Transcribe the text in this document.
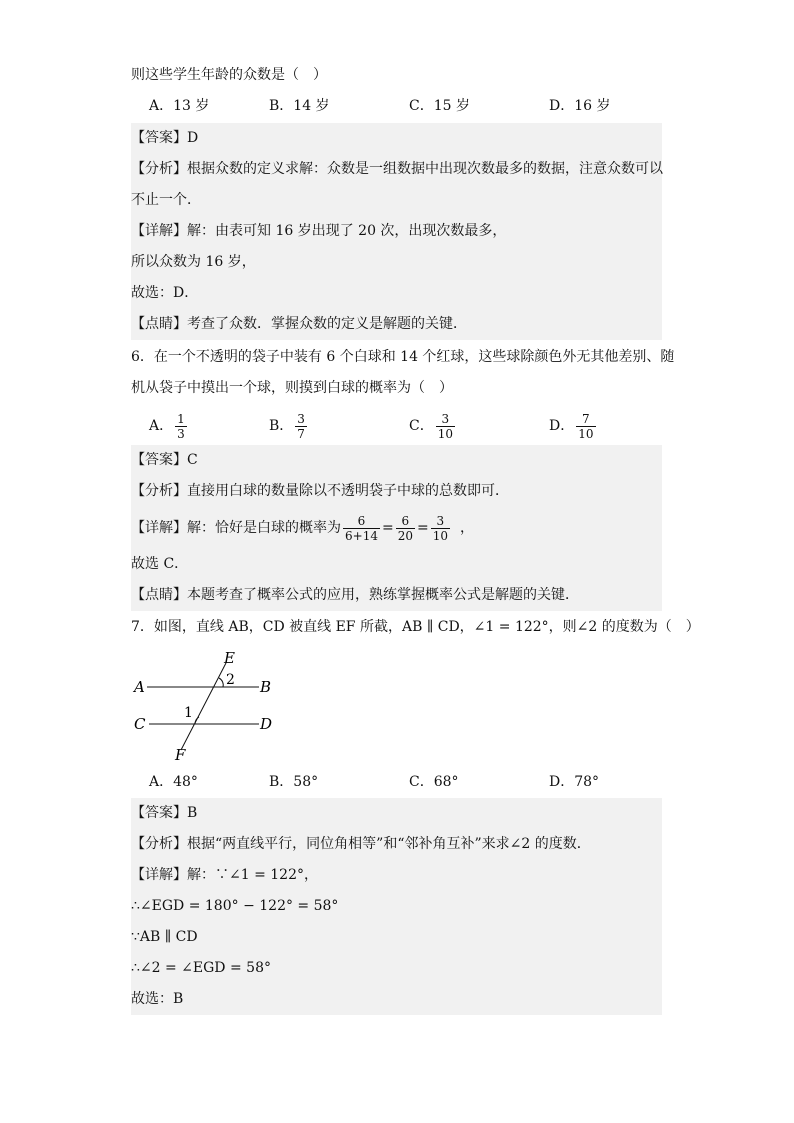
则这些学生年龄的众数是（　）
A．13 岁	B．14 岁	C．15 岁	D．16 岁
【答案】D
【分析】根据众数的定义求解：众数是一组数据中出现次数最多的数据，注意众数可以
不止一个．
【详解】解：由表可知 16 岁出现了 20 次，出现次数最多，
所以众数为 16 岁，
故选：D．
【点睛】考查了众数．掌握众数的定义是解题的关键．
6．在一个不透明的袋子中装有 6 个白球和 14 个红球，这些球除颜色外无其他差别、随
机从袋子中摸出一个球，则摸到白球的概率为（　）
A． $\frac{1}{3}$	B． $\frac{3}{7}$	C． $\frac{3}{10}$	D． $\frac{7}{10}$
【答案】C
【分析】直接用白球的数量除以不透明袋子中球的总数即可．
【详解】解：恰好是白球的概率为 $\frac{6}{6+14} = \frac{6}{20} = \frac{3}{10}$ ，
故选 C．
【点睛】本题考查了概率公式的应用，熟练掌握概率公式是解题的关键．
7．如图，直线 AB，CD 被直线 EF 所截，AB ∥ CD，∠1 = 122°，则∠2 的度数为（　）
E
2
A	B
1
C	D
F
A．48°	B．58°	C．68°	D．78°
【答案】B
【分析】根据“两直线平行，同位角相等”和“邻补角互补”来求∠2 的度数．
【详解】解：∵∠1 = 122°，
∴∠EGD = 180° − 122° = 58°
∵AB ∥ CD
∴∠2 = ∠EGD = 58°
故选：B
